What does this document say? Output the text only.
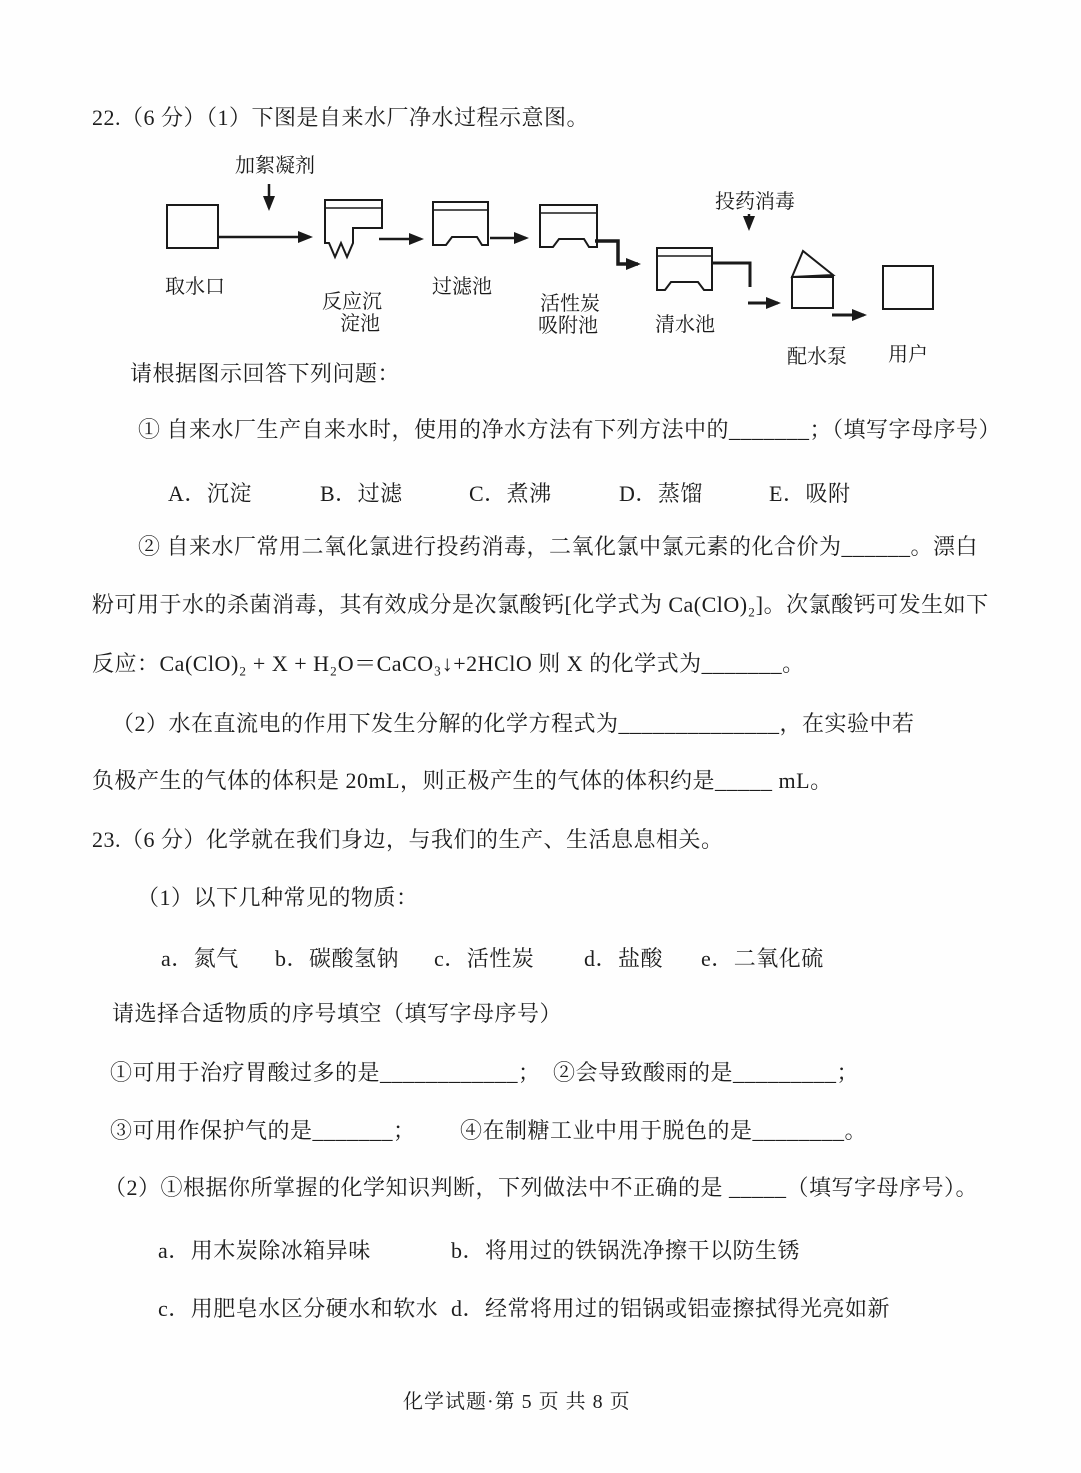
22.（6 分）（1）下图是自来水厂净水过程示意图。
加絮凝剂
取水口
反应沉
淀池
过滤池
活性炭
吸附池	清水池
投药消毒
配水泵 用户
请根据图示回答下列问题：
① 自来水厂生产自来水时，使用的净水方法有下列方法中的_______；（填写字母序号）
A．沉淀	B．过滤	C．煮沸	D．蒸馏	E．吸附
② 自来水厂常用二氧化氯进行投药消毒，二氧化氯中氯元素的化合价为______。漂白
粉可用于水的杀菌消毒，其有效成分是次氯酸钙[化学式为 Ca(ClO)₂]。次氯酸钙可发生如下
反应：Ca(ClO)₂ + X + H₂O＝CaCO₃↓+2HClO 则 X 的化学式为_______。
（2）水在直流电的作用下发生分解的化学方程式为______________，在实验中若
负极产生的气体的体积是 20mL，则正极产生的气体的体积约是_____ mL。
23.（6 分）化学就在我们身边，与我们的生产、生活息息相关。
（1）以下几种常见的物质：
a．氮气 b．碳酸氢钠 c．活性炭 d．盐酸 e．二氧化硫
请选择合适物质的序号填空（填写字母序号）
①可用于治疗胃酸过多的是____________； ②会导致酸雨的是_________；
③可用作保护气的是_______； ④在制糖工业中用于脱色的是________。
（2）①根据你所掌握的化学知识判断，下列做法中不正确的是 _____（填写字母序号）。
a．用木炭除冰箱异味	b．将用过的铁锅洗净擦干以防生锈
c．用肥皂水区分硬水和软水 d．经常将用过的铝锅或铝壶擦拭得光亮如新
化学试题·第 5 页 共 8 页
